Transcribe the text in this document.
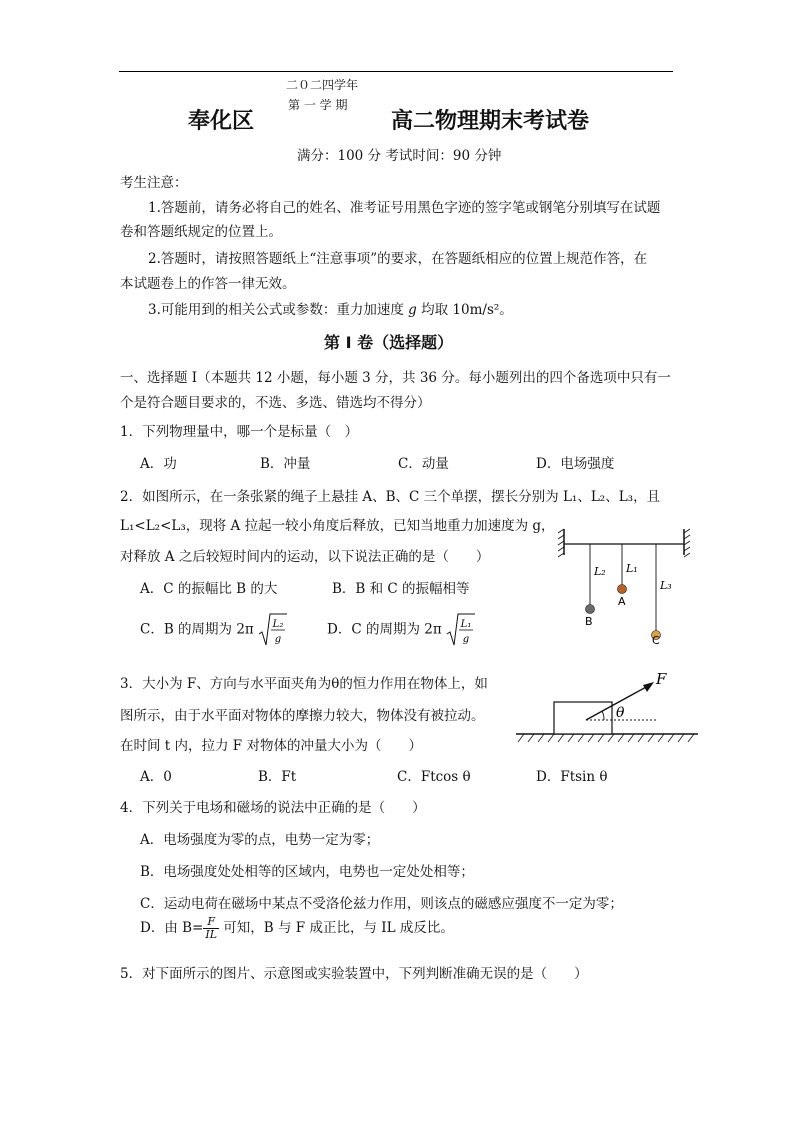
二０二四学年
第 一 学 期
奉化区	高二物理期末考试卷
满分：100 分 考试时间：90 分钟
考生注意：
1.答题前，请务必将自己的姓名、准考证号用黑色字迹的签字笔或钢笔分别填写在试题
卷和答题纸规定的位置上。
2.答题时，请按照答题纸上“注意事项”的要求，在答题纸相应的位置上规范作答，在
本试题卷上的作答一律无效。
3.可能用到的相关公式或参数：重力加速度 g 均取 10m/s²。
第 I 卷（选择题）
一、选择题 I（本题共 12 小题，每小题 3 分，共 36 分。每小题列出的四个备选项中只有一
个是符合题目要求的，不选、多选、错选均不得分）
1．下列物理量中，哪一个是标量（　）
A．功	B．冲量	C．动量	D．电场强度
2．如图所示，在一条张紧的绳子上悬挂 A、B、C 三个单摆，摆长分别为 L₁、L₂、L₃，且
L₁<L₂<L₃，现将 A 拉起一较小角度后释放，已知当地重力加速度为 g，
对释放 A 之后较短时间内的运动，以下说法正确的是（　　）
A．C 的振幅比 B 的大	B．B 和 C 的振幅相等
C．B 的周期为 2π L₂
g
D．C 的周期为 2π L₁
g
L₂ L₁
L₃
A
B
C
3．大小为 F、方向与水平面夹角为θ的恒力作用在物体上，如
图所示，由于水平面对物体的摩擦力较大，物体没有被拉动。
在时间 t 内，拉力 F 对物体的冲量大小为（　　）
A．0	B．Ft	C．Ftcos θ	D．Ftsin θ
F
θ
4．下列关于电场和磁场的说法中正确的是（　　）
A．电场强度为零的点，电势一定为零；
B．电场强度处处相等的区域内，电势也一定处处相等；
C．运动电荷在磁场中某点不受洛伦兹力作用，则该点的磁感应强度不一定为零；
D．由 $B= \frac{F}{IL}$ 可知，B 与 F 成正比，与 IL 成反比。
5．对下面所示的图片、示意图或实验装置中，下列判断准确无误的是（　　）
